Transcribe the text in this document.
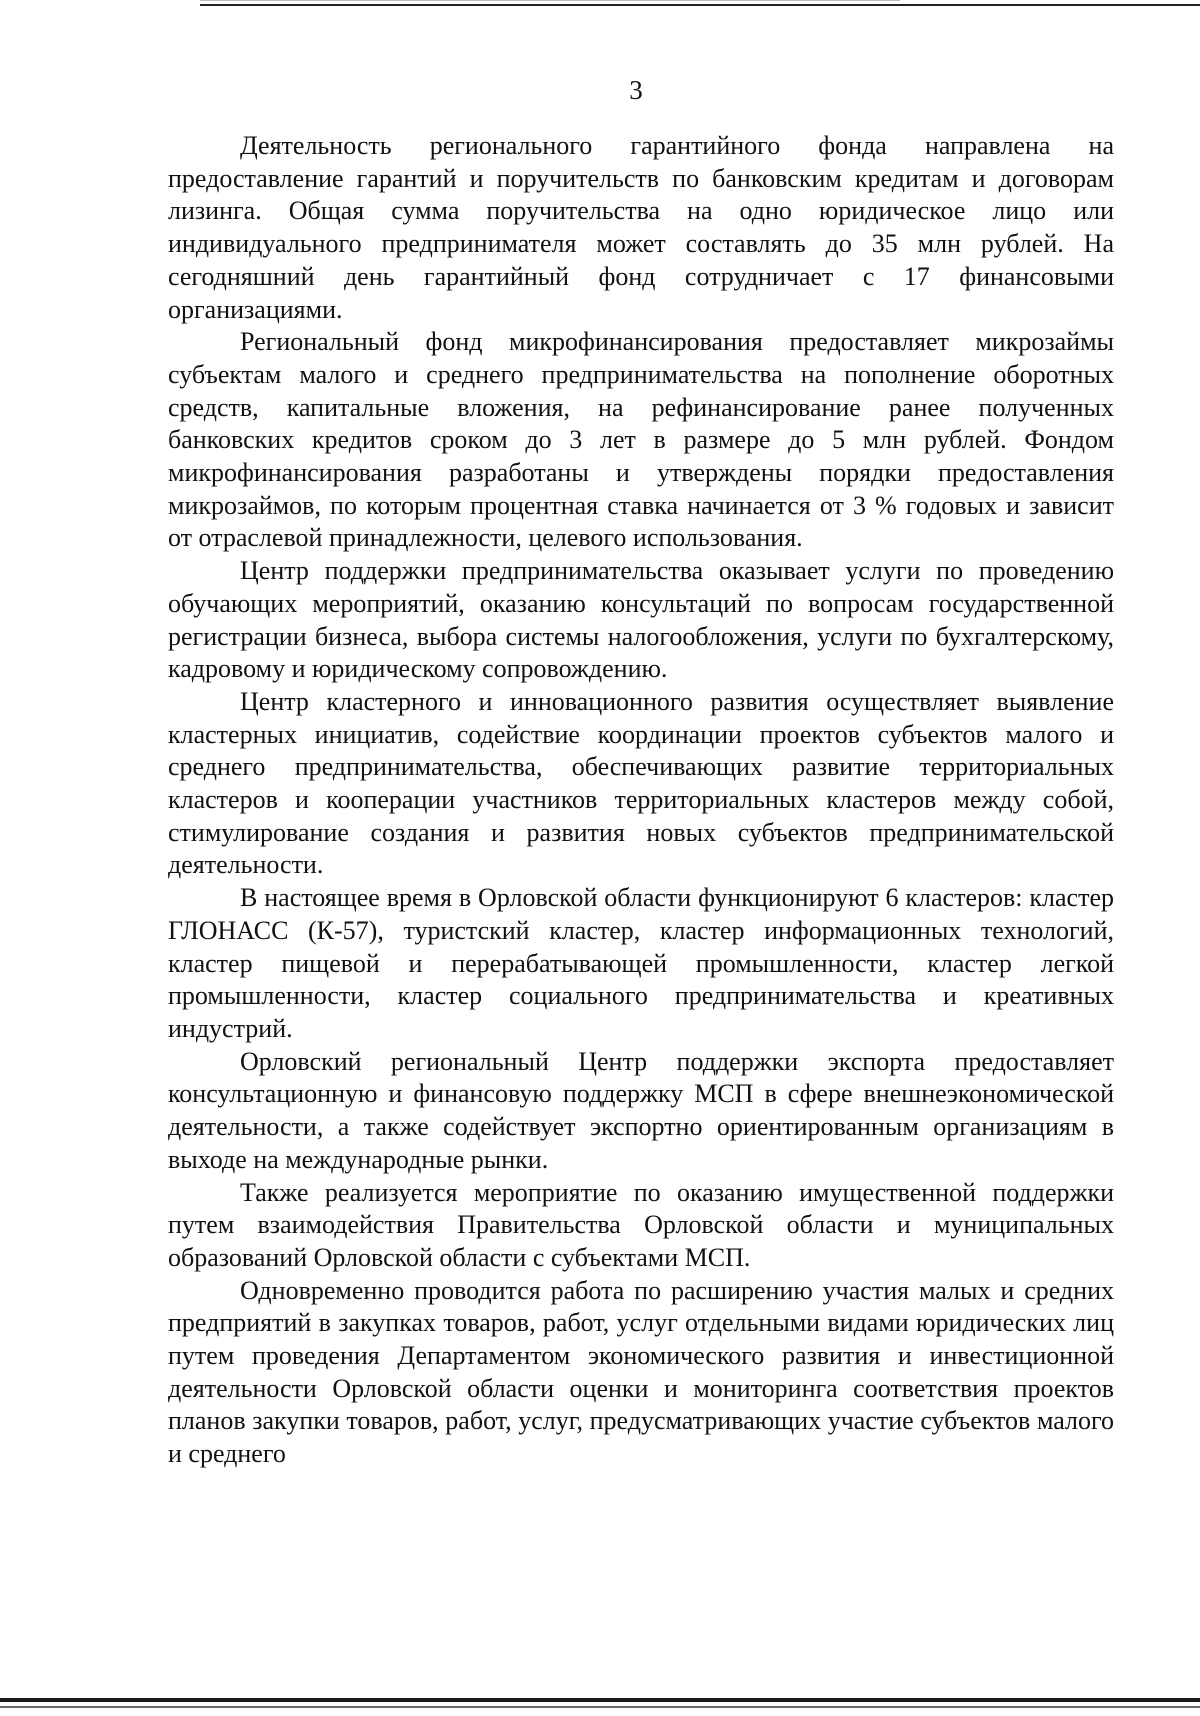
3

Деятельность регионального гарантийного фонда направлена на предоставление гарантий и поручительств по банковским кредитам и договорам лизинга. Общая сумма поручительства на одно юридическое лицо или индивидуального предпринимателя может составлять до 35 млн рублей. На сегодняшний день гарантийный фонд сотрудничает с 17 финансовыми организациями.

Региональный фонд микрофинансирования предоставляет микрозаймы субъектам малого и среднего предпринимательства на пополнение оборотных средств, капитальные вложения, на рефинансирование ранее полученных банковских кредитов сроком до 3 лет в размере до 5 млн рублей. Фондом микрофинансирования разработаны и утверждены порядки предоставления микрозаймов, по которым процентная ставка начинается от 3 % годовых и зависит от отраслевой принадлежности, целевого использования.

Центр поддержки предпринимательства оказывает услуги по проведению обучающих мероприятий, оказанию консультаций по вопросам государственной регистрации бизнеса, выбора системы налогообложения, услуги по бухгалтерскому, кадровому и юридическому сопровождению.

Центр кластерного и инновационного развития осуществляет выявление кластерных инициатив, содействие координации проектов субъектов малого и среднего предпринимательства, обеспечивающих развитие территориальных кластеров и кооперации участников территориальных кластеров между собой, стимулирование создания и развития новых субъектов предпринимательской деятельности.

В настоящее время в Орловской области функционируют 6 кластеров: кластер ГЛОНАСС (К-57), туристский кластер, кластер информационных технологий, кластер пищевой и перерабатывающей промышленности, кластер легкой промышленности, кластер социального предпринимательства и креативных индустрий.

Орловский региональный Центр поддержки экспорта предоставляет консультационную и финансовую поддержку МСП в сфере внешнеэкономической деятельности, а также содействует экспортно ориентированным организациям в выходе на международные рынки.

Также реализуется мероприятие по оказанию имущественной поддержки путем взаимодействия Правительства Орловской области и муниципальных образований Орловской области с субъектами МСП.

Одновременно проводится работа по расширению участия малых и средних предприятий в закупках товаров, работ, услуг отдельными видами юридических лиц путем проведения Департаментом экономического развития и инвестиционной деятельности Орловской области оценки и мониторинга соответствия проектов планов закупки товаров, работ, услуг, предусматривающих участие субъектов малого и среднего
